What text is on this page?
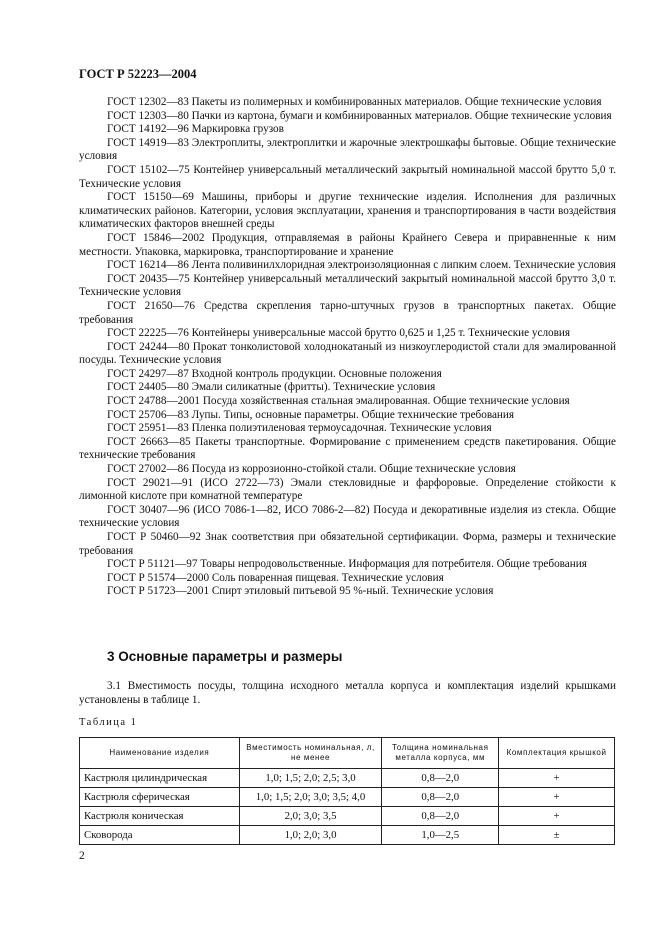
ГОСТ Р 52223—2004

ГОСТ 12302—83 Пакеты из полимерных и комбинированных материалов. Общие технические условия

ГОСТ 12303—80 Пачки из картона, бумаги и комбинированных материалов. Общие технические условия

ГОСТ 14192—96 Маркировка грузов

ГОСТ 14919—83 Электроплиты, электроплитки и жарочные электрошкафы бытовые. Общие технические условия

ГОСТ 15102—75 Контейнер универсальный металлический закрытый номинальной массой брутто 5,0 т. Технические условия

ГОСТ 15150—69 Машины, приборы и другие технические изделия. Исполнения для различных климатических районов. Категории, условия эксплуатации, хранения и транспортирования в части воздействия климатических факторов внешней среды

ГОСТ 15846—2002 Продукция, отправляемая в районы Крайнего Севера и приравненные к ним местности. Упаковка, маркировка, транспортирование и хранение

ГОСТ 16214—86 Лента поливинилхлоридная электроизоляционная с липким слоем. Технические условия

ГОСТ 20435—75 Контейнер универсальный металлический закрытый номинальной массой брутто 3,0 т. Технические условия

ГОСТ 21650—76 Средства скрепления тарно-штучных грузов в транспортных пакетах. Общие требования

ГОСТ 22225—76 Контейнеры универсальные массой брутто 0,625 и 1,25 т. Технические условия

ГОСТ 24244—80 Прокат тонколистовой холоднокатаный из низкоуглеродистой стали для эмалированной посуды. Технические условия

ГОСТ 24297—87 Входной контроль продукции. Основные положения

ГОСТ 24405—80 Эмали силикатные (фритты). Технические условия

ГОСТ 24788—2001 Посуда хозяйственная стальная эмалированная. Общие технические условия

ГОСТ 25706—83 Лупы. Типы, основные параметры. Общие технические требования

ГОСТ 25951—83 Пленка полиэтиленовая термоусадочная. Технические условия

ГОСТ 26663—85 Пакеты транспортные. Формирование с применением средств пакетирования. Общие технические требования

ГОСТ 27002—86 Посуда из коррозионно-стойкой стали. Общие технические условия

ГОСТ 29021—91 (ИСО 2722—73) Эмали стекловидные и фарфоровые. Определение стойкости к лимонной кислоте при комнатной температуре

ГОСТ 30407—96 (ИСО 7086-1—82, ИСО 7086-2—82) Посуда и декоративные изделия из стекла. Общие технические условия

ГОСТ Р 50460—92 Знак соответствия при обязательной сертификации. Форма, размеры и технические требования

ГОСТ Р 51121—97 Товары непродовольственные. Информация для потребителя. Общие требования

ГОСТ Р 51574—2000 Соль поваренная пищевая. Технические условия

ГОСТ Р 51723—2001 Спирт этиловый питьевой 95 %-ный. Технические условия

3 Основные параметры и размеры
3.1 Вместимость посуды, толщина исходного металла корпуса и комплектация изделий крышками установлены в таблице 1.
Таблица 1
Наименование изделия	Вместимость номинальная, л, не менее	Толщина номинальная металла корпуса, мм	Комплектация крышкой
Кастрюля цилиндрическая	1,0; 1,5; 2,0; 2,5; 3,0	0,8—2,0	+
Кастрюля сферическая	1,0; 1,5; 2,0; 3,0; 3,5; 4,0	0,8—2,0	+
Кастрюля коническая	2,0; 3,0; 3,5	0,8—2,0	+
Сковорода	1,0; 2,0; 3,0	1,0—2,5	±
2
